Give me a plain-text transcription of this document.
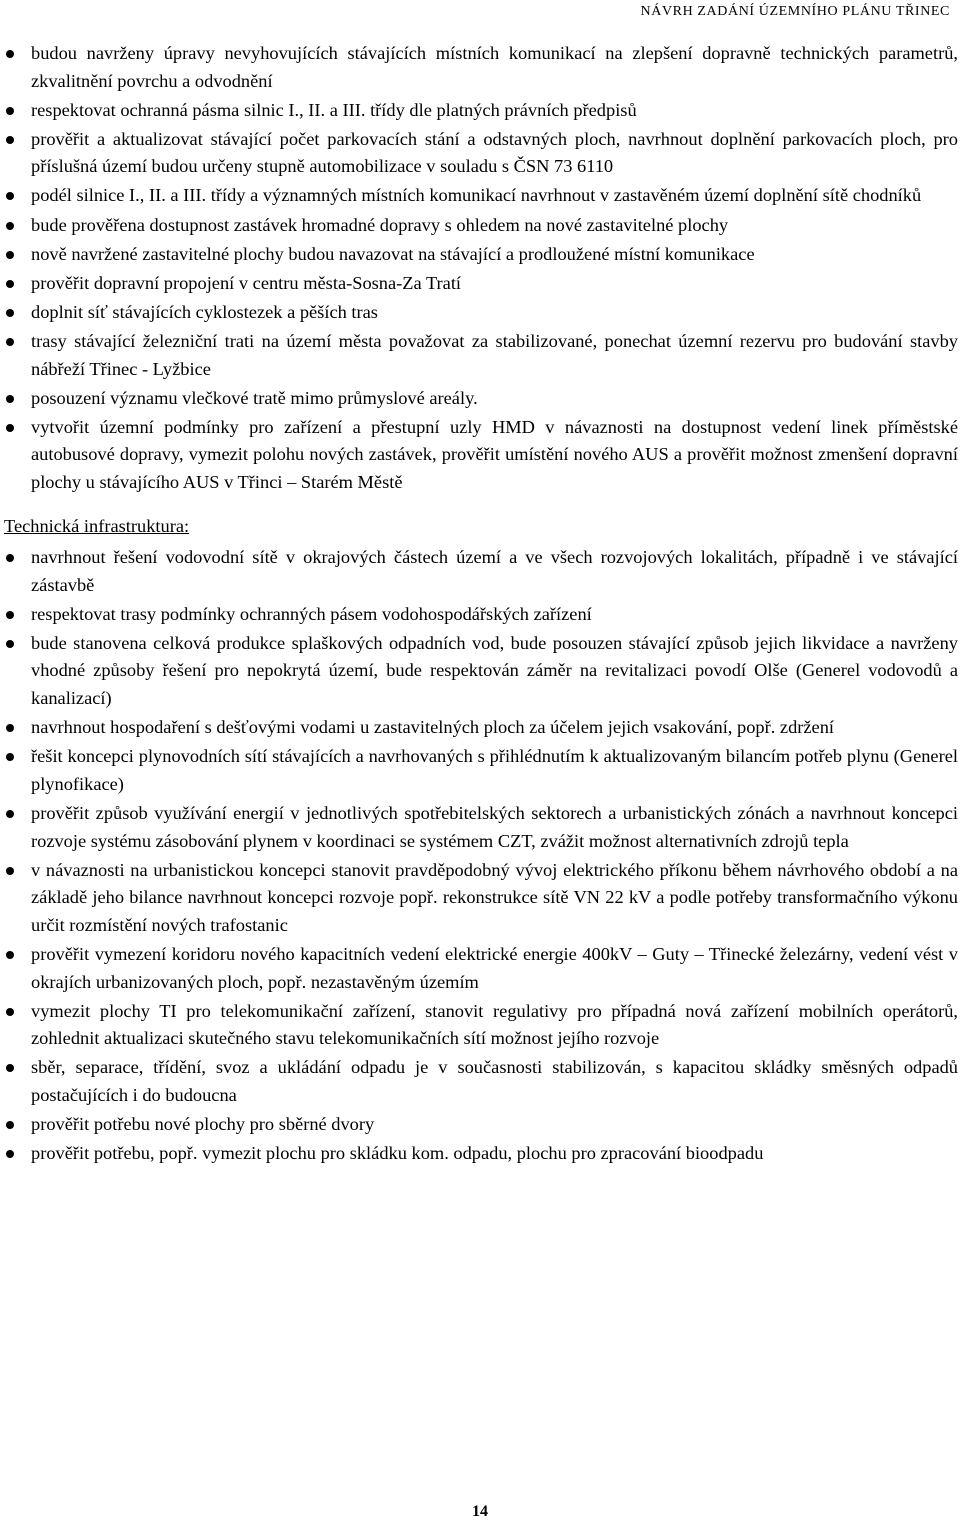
NÁVRH ZADÁNÍ ÚZEMNÍHO PLÁNU TŘINEC
budou navrženy úpravy nevyhovujících stávajících místních komunikací na zlepšení dopravně technických parametrů, zkvalitnění povrchu a odvodnění
respektovat ochranná pásma silnic I., II. a III. třídy dle platných právních předpisů
prověřit a aktualizovat stávající počet parkovacích stání a odstavných ploch, navrhnout doplnění parkovacích ploch, pro příslušná území budou určeny stupně automobilizace v souladu s ČSN 73 6110
podél silnice I., II. a III. třídy a významných místních komunikací navrhnout v zastavěném území doplnění sítě chodníků
bude prověřena dostupnost zastávek hromadné dopravy s ohledem na nové zastavitelné plochy
nově navržené zastavitelné plochy budou navazovat na stávající a prodloužené místní komunikace
prověřit dopravní propojení v centru města-Sosna-Za Tratí
doplnit síť stávajících cyklostezek a pěších tras
trasy stávající železniční trati na území města považovat za stabilizované, ponechat územní rezervu pro budování stavby nábřeží Třinec - Lyžbice
posouzení významu vlečkové tratě mimo průmyslové areály.
vytvořit územní podmínky pro zařízení a přestupní uzly HMD v návaznosti na dostupnost vedení linek příměstské autobusové dopravy, vymezit polohu nových zastávek, prověřit umístění nového AUS a prověřit možnost zmenšení dopravní plochy u stávajícího AUS v Třinci – Starém Městě
Technická infrastruktura:
navrhnout řešení vodovodní sítě v okrajových částech území a ve všech rozvojových lokalitách, případně i ve stávající zástavbě
respektovat trasy podmínky ochranných pásem vodohospodářských zařízení
bude stanovena celková produkce splaškových odpadních vod, bude posouzen stávající způsob jejich likvidace a navrženy vhodné způsoby řešení pro nepokrytá území, bude respektován záměr na revitalizaci povodí Olše (Generel vodovodů a kanalizací)
navrhnout hospodaření s dešťovými vodami u zastavitelných ploch za účelem jejich vsakování, popř. zdržení
řešit koncepci plynovodních sítí stávajících a navrhovaných s přihlédnutím k aktualizovaným bilancím potřeb plynu (Generel plynofikace)
prověřit způsob využívání energií v jednotlivých spotřebitelských sektorech a urbanistických zónách a navrhnout koncepci rozvoje systému zásobování plynem v koordinaci se systémem CZT, zvážit možnost alternativních zdrojů tepla
v návaznosti na urbanistickou koncepci stanovit pravděpodobný vývoj elektrického příkonu během návrhového období a na základě jeho bilance navrhnout koncepci rozvoje popř. rekonstrukce sítě VN 22 kV a podle potřeby transformačního výkonu určit rozmístění nových trafostanic
prověřit vymezení koridoru nového kapacitních vedení elektrické energie 400kV – Guty – Třinecké železárny, vedení vést v okrajích urbanizovaných ploch, popř. nezastavěným územím
vymezit plochy TI pro telekomunikační zařízení, stanovit regulativy pro případná nová zařízení mobilních operátorů, zohlednit aktualizaci skutečného stavu telekomunikačních sítí možnost jejího rozvoje
sběr, separace, třídění, svoz a ukládání odpadu je v současnosti stabilizován, s kapacitou skládky směsných odpadů postačujících i do budoucna
prověřit potřebu nové plochy pro sběrné dvory
prověřit potřebu, popř. vymezit plochu pro skládku kom. odpadu, plochu pro zpracování bioodpadu
14
